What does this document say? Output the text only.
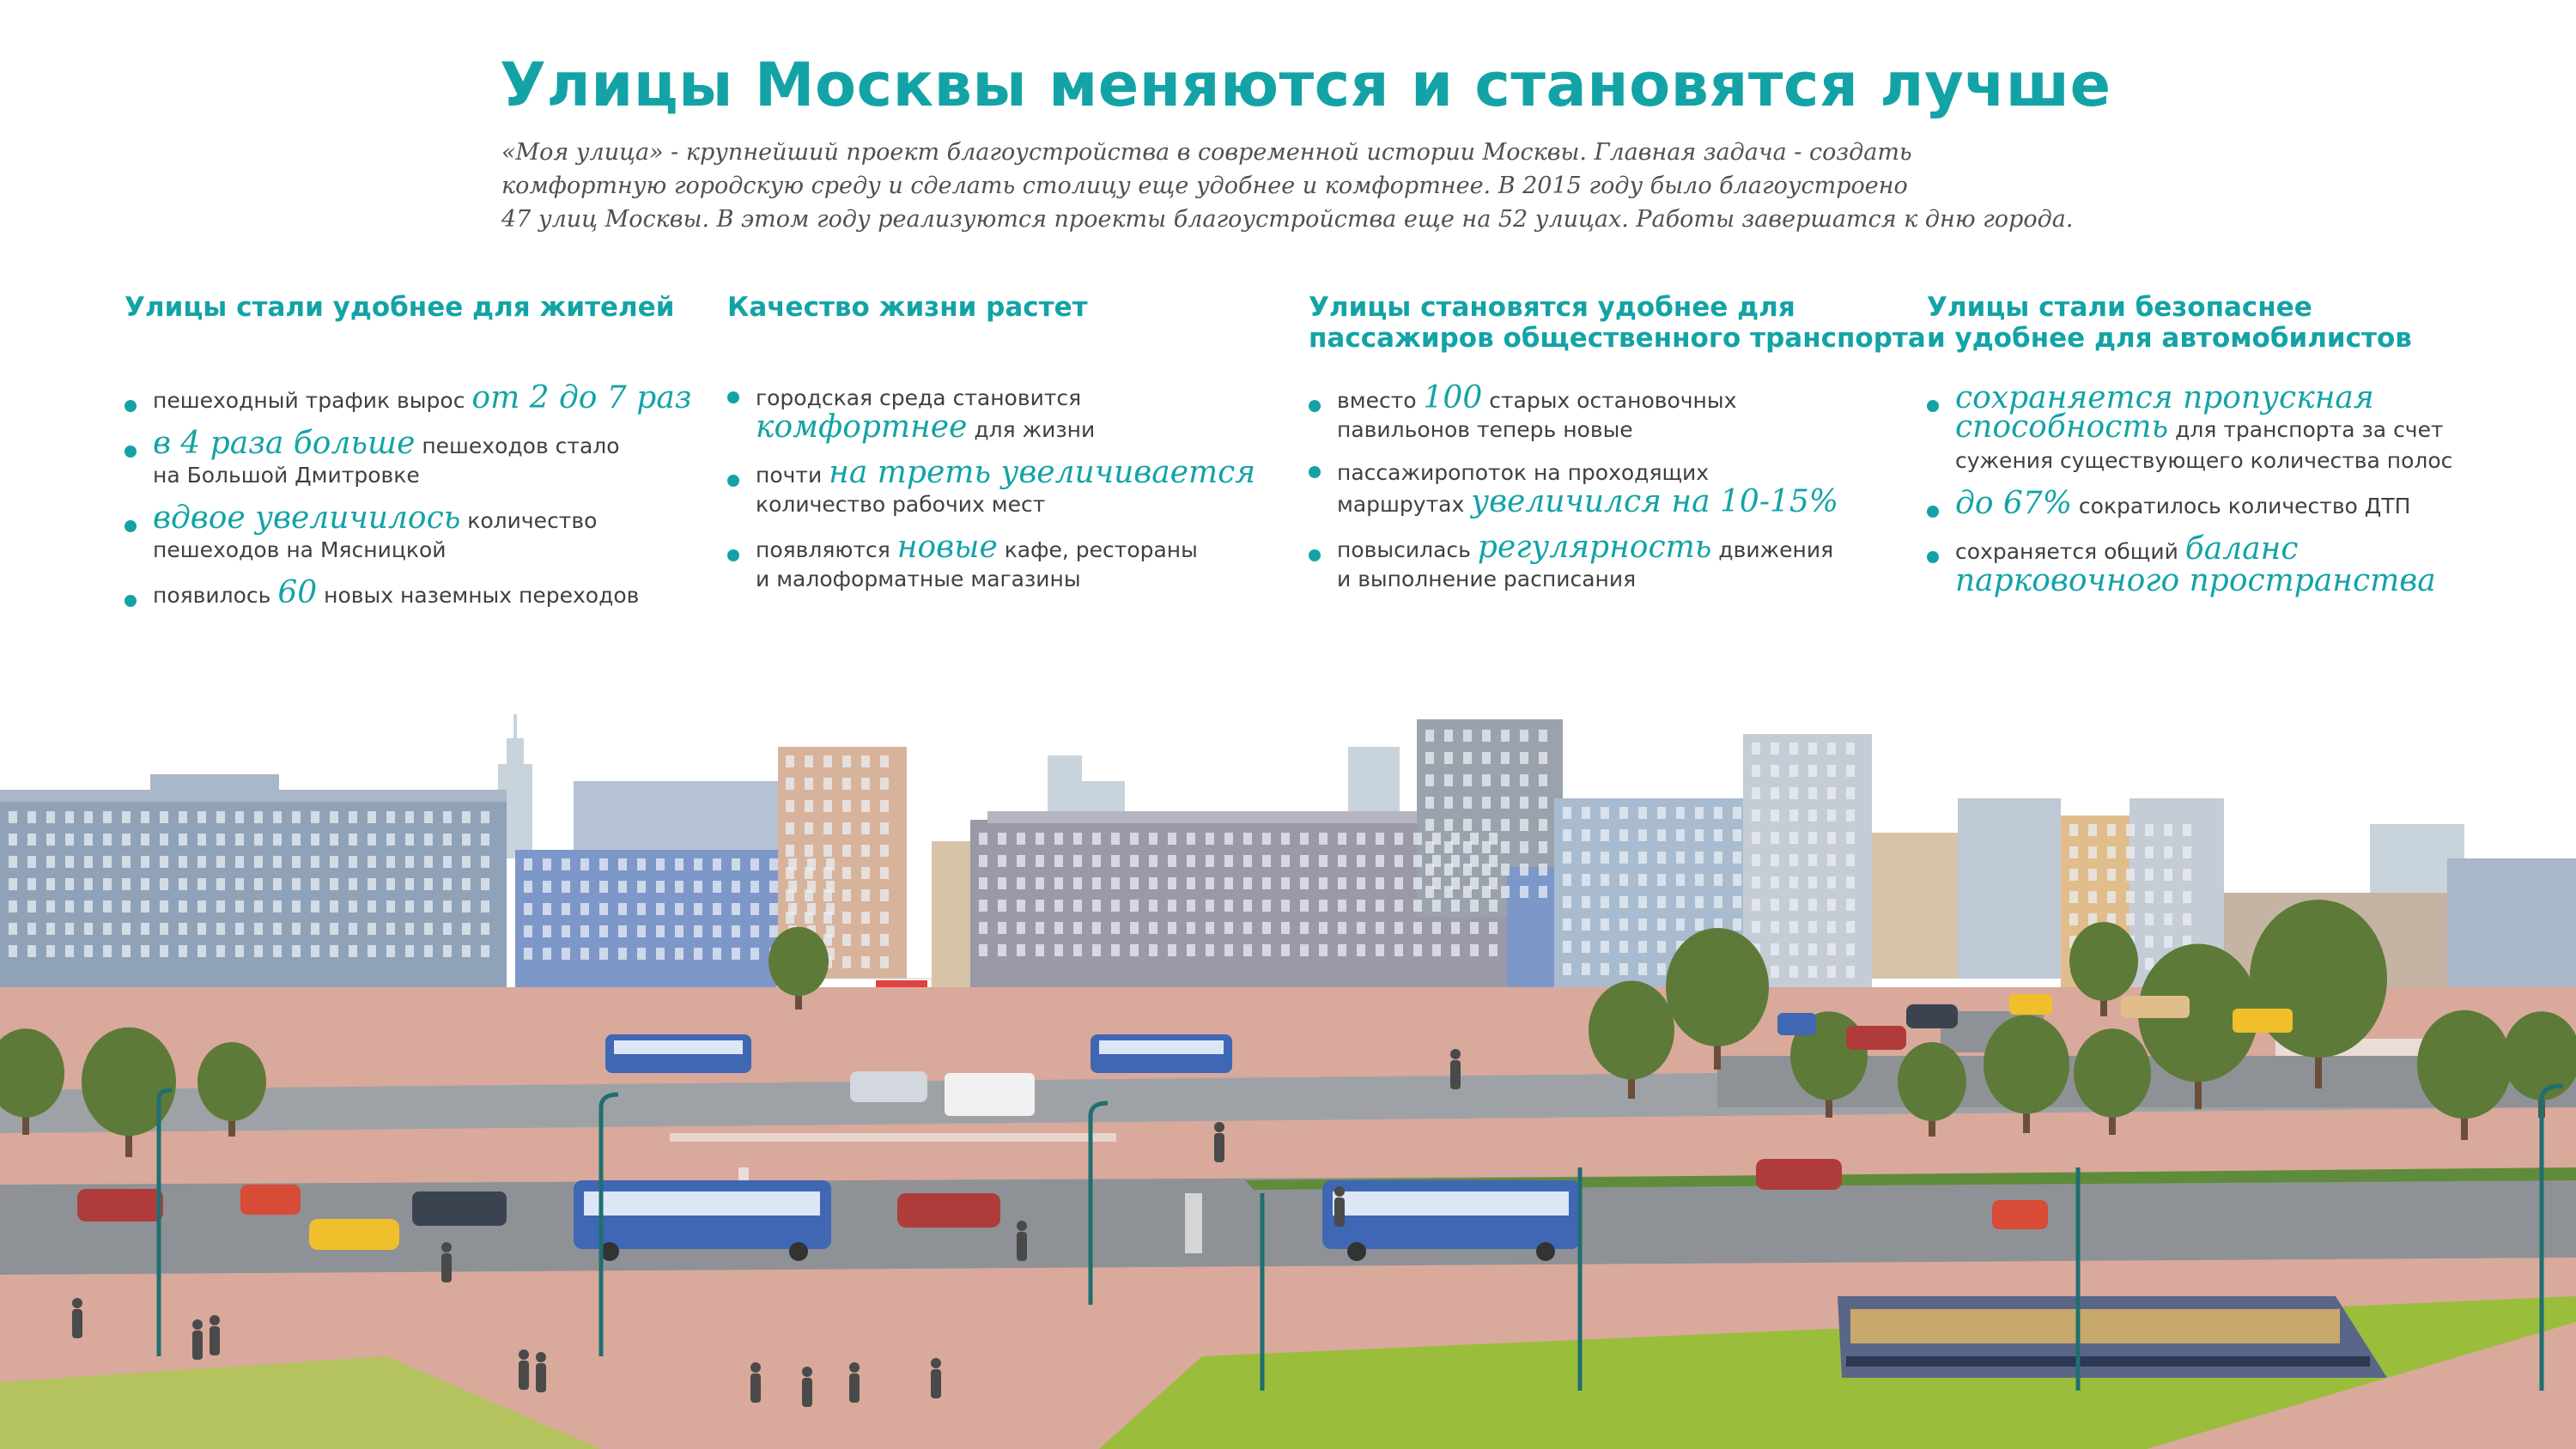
Улицы Москвы меняются и становятся лучше
«Моя улица» - крупнейший проект благоустройства в современной истории Москвы. Главная задача - создать
комфортную городскую среду и сделать столицу еще удобнее и комфортнее. В 2015 году было благоустроено
47 улиц Москвы. В этом году реализуются проекты благоустройства еще на 52 улицах. Работы завершатся к дню города.
Улицы стали удобнее для жителей

пешеходный трафик вырос от 2 до 7 раз

в 4 раза больше пешеходов стало
на Большой Дмитровке

вдвое увеличилось количество
пешеходов на Мясницкой

появилось 60 новых наземных переходов

Качество жизни растет

городская среда становится
комфортнее для жизни

почти на треть увеличивается
количество рабочих мест

появляются новые кафе, рестораны
и малоформатные магазины

Улицы становятся удобнее для
пассажиров общественного транспорта

вместо 100 старых остановочных
павильонов теперь новые

пассажиропоток на проходящих
маршрутах увеличился на 10-15%

повысилась регулярность движения
и выполнение расписания

Улицы стали безопаснее
и удобнее для автомобилистов

сохраняется пропускная
способность для транспорта за счет
сужения существующего количества полос

до 67% сократилось количество ДТП

сохраняется общий баланс
парковочного пространства
